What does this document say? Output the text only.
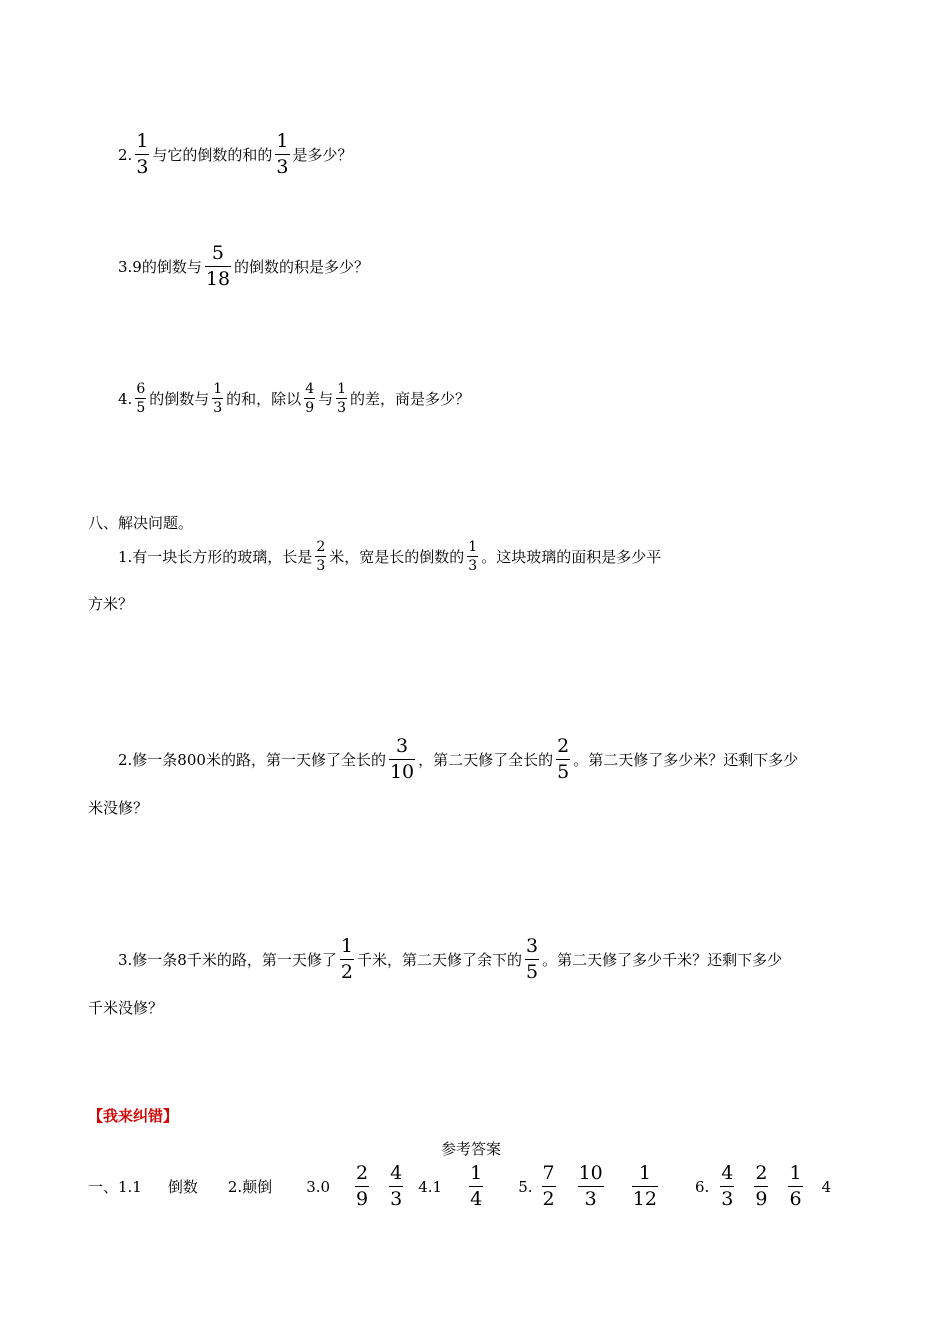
2. $\frac{1}{3}$ 与它的倒数的和的 $\frac{1}{3}$ 是多少？
3.9的倒数与 $\frac{5}{18}$ 的倒数的积是多少？
4. $\frac{6}{5}$ 的倒数与 $\frac{1}{3}$ 的和，除以 $\frac{4}{9}$ 与 $\frac{1}{3}$ 的差，商是多少？
八、解决问题。
1.有一块长方形的玻璃，长是 $\frac{2}{3}$ 米，宽是长的倒数的 $\frac{1}{3}$ 。这块玻璃的面积是多少平
方米？
2.修一条800米的路，第一天修了全长的 $\frac{3}{10}$ ，第二天修了全长的 $\frac{2}{5}$ 。第二天修了多少米？还剩下多少
米没修？
3.修一条8千米的路，第一天修了 $\frac{1}{2}$ 千米，第二天修了余下的 $\frac{3}{5}$ 。第二天修了多少千米？还剩下多少
千米没修？
【我来纠错】
参考答案
一、1.1 倒数 2.颠倒 $3.0 \frac{2}{9} \frac{4}{3} 4.1 \frac{1}{4} 5$. $\frac{7}{2} \frac{10}{3} \frac{1}{12} 6$. $\frac{4}{3} \frac{2}{9} \frac{1}{6} 4$
